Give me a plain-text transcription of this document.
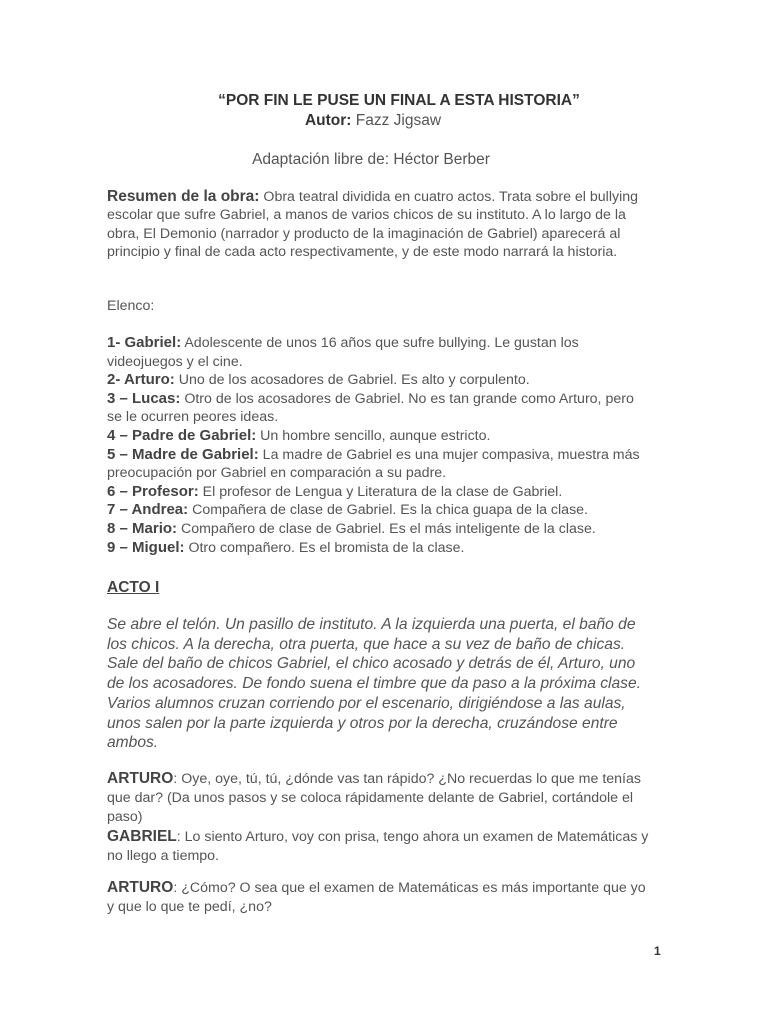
“POR FIN LE PUSE UN FINAL A ESTA HISTORIA”
Autor: Fazz Jigsaw
Adaptación libre de: Héctor Berber
Resumen de la obra: Obra teatral dividida en cuatro actos. Trata sobre el bullying escolar que sufre Gabriel, a manos de varios chicos de su instituto. A lo largo de la obra, El Demonio (narrador y producto de la imaginación de Gabriel) aparecerá al principio y final de cada acto respectivamente, y de este modo narrará la historia.
Elenco:
1- Gabriel: Adolescente de unos 16 años que sufre bullying. Le gustan los videojuegos y el cine.
2- Arturo: Uno de los acosadores de Gabriel. Es alto y corpulento.
3 – Lucas: Otro de los acosadores de Gabriel. No es tan grande como Arturo, pero se le ocurren peores ideas.
4 – Padre de Gabriel: Un hombre sencillo, aunque estricto.
5 – Madre de Gabriel: La madre de Gabriel es una mujer compasiva, muestra más preocupación por Gabriel en comparación a su padre.
6 – Profesor: El profesor de Lengua y Literatura de la clase de Gabriel.
7 – Andrea: Compañera de clase de Gabriel. Es la chica guapa de la clase.
8 – Mario: Compañero de clase de Gabriel. Es el más inteligente de la clase.
9 – Miguel: Otro compañero. Es el bromista de la clase.
ACTO I
Se abre el telón. Un pasillo de instituto. A la izquierda una puerta, el baño de los chicos. A la derecha, otra puerta, que hace a su vez de baño de chicas. Sale del baño de chicos Gabriel, el chico acosado y detrás de él, Arturo, uno de los acosadores. De fondo suena el timbre que da paso a la próxima clase. Varios alumnos cruzan corriendo por el escenario, dirigiéndose a las aulas, unos salen por la parte izquierda y otros por la derecha, cruzándose entre ambos.
ARTURO: Oye, oye, tú, tú, ¿dónde vas tan rápido? ¿No recuerdas lo que me tenías que dar? (Da unos pasos y se coloca rápidamente delante de Gabriel, cortándole el paso)
GABRIEL: Lo siento Arturo, voy con prisa, tengo ahora un examen de Matemáticas y no llego a tiempo.
ARTURO: ¿Cómo? O sea que el examen de Matemáticas es más importante que yo y que lo que te pedí, ¿no?
1
